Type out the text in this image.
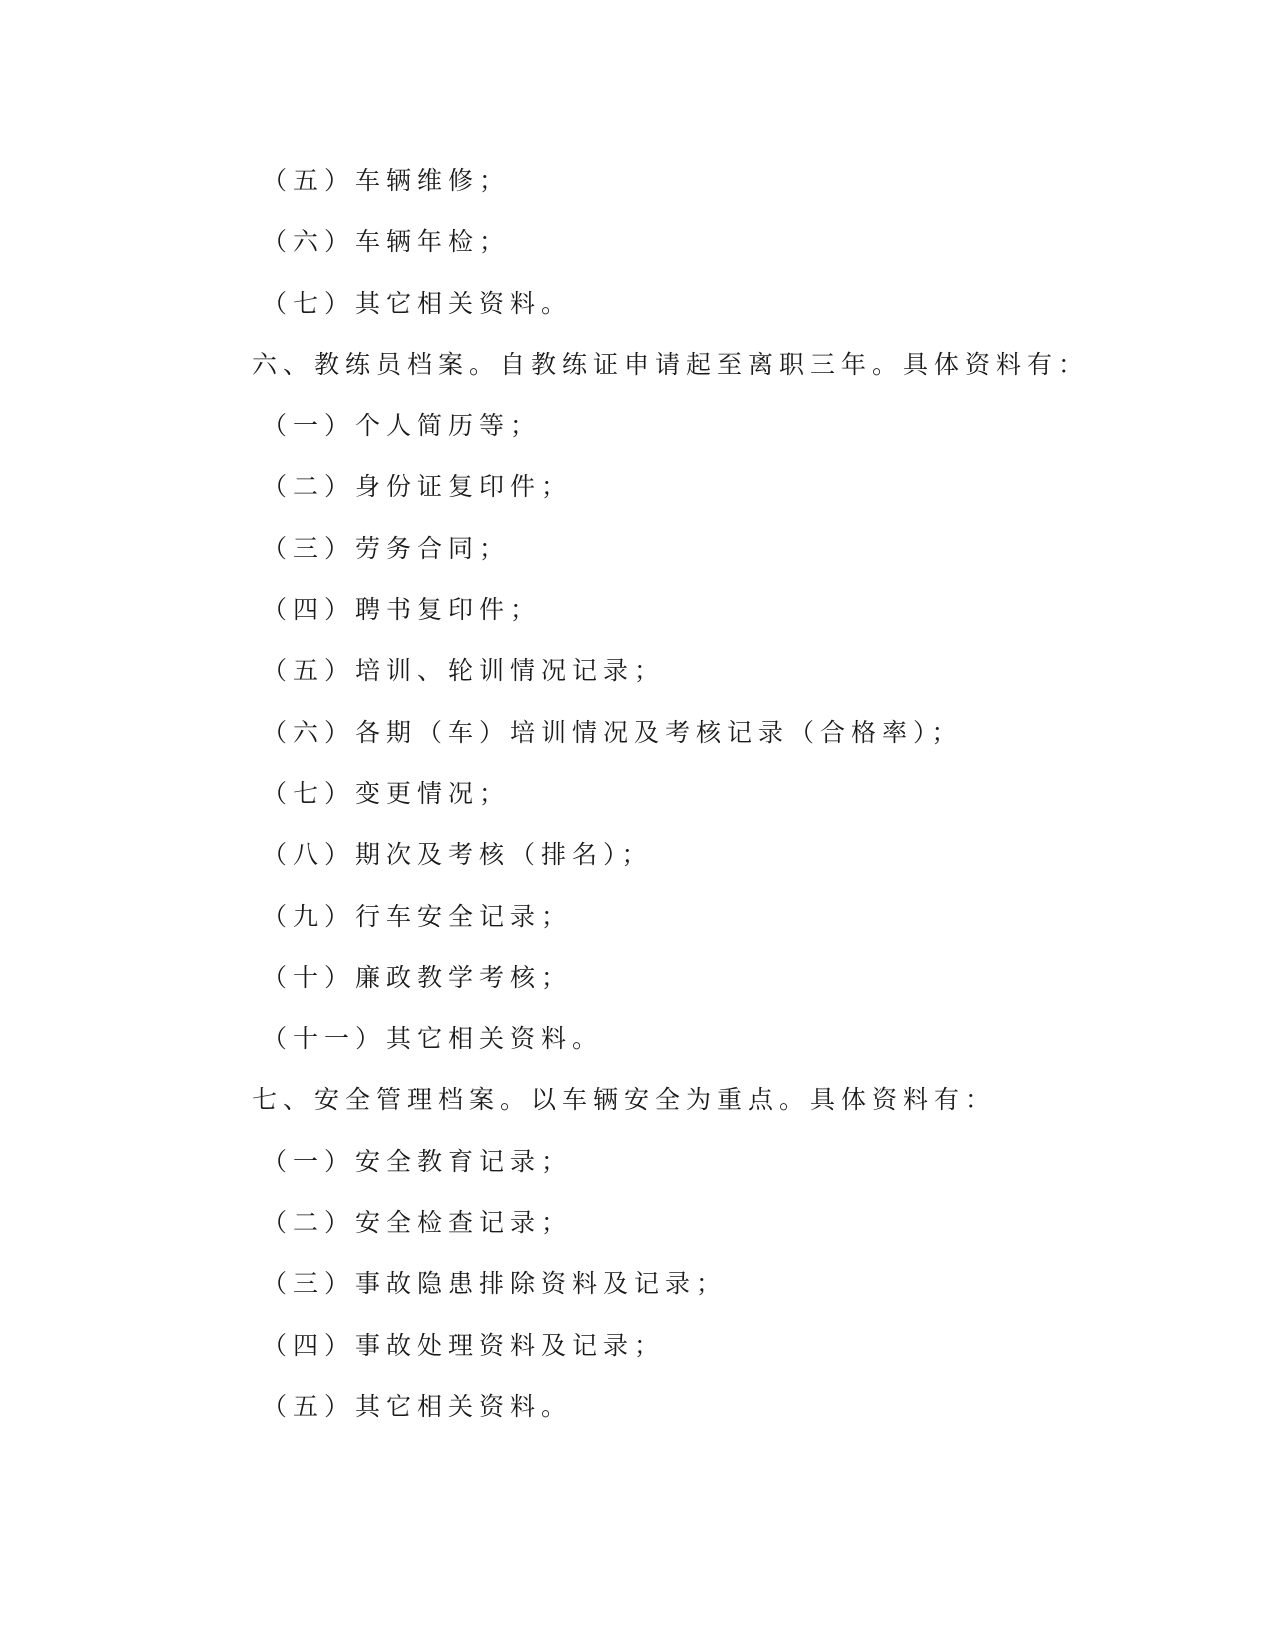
（五）车辆维修；
（六）车辆年检；
（七）其它相关资料。
六、教练员档案。自教练证申请起至离职三年。具体资料有：
（一）个人简历等；
（二）身份证复印件；
（三）劳务合同；
（四）聘书复印件；
（五）培训、轮训情况记录；
（六）各期（车）培训情况及考核记录（合格率）；
（七）变更情况；
（八）期次及考核（排名）；
（九）行车安全记录；
（十）廉政教学考核；
（十一）其它相关资料。
七、安全管理档案。以车辆安全为重点。具体资料有：
（一）安全教育记录；
（二）安全检查记录；
（三）事故隐患排除资料及记录；
（四）事故处理资料及记录；
（五）其它相关资料。
